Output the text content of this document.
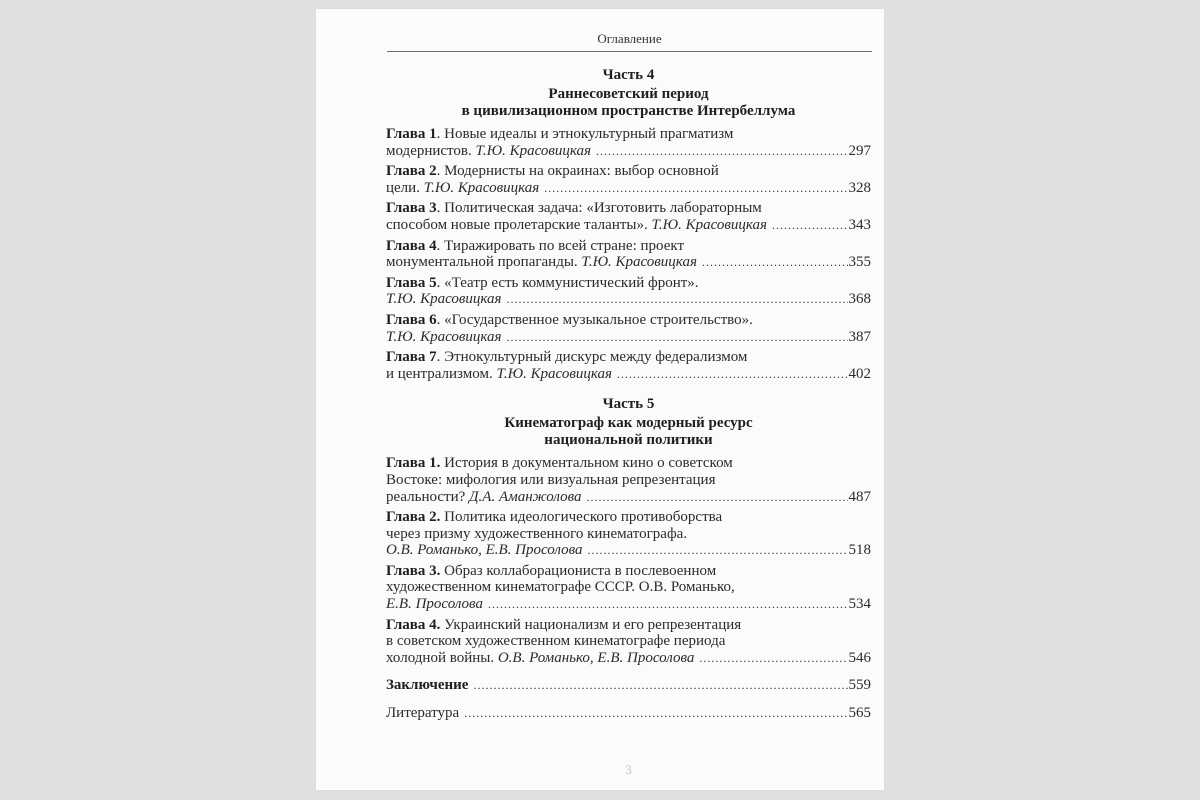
Оглавление
Часть 4
Раннесоветский период
в цивилизационном пространстве Интербеллума
Глава 1. Новые идеалы и этнокультурный прагматизм
модернистов. Т.Ю. Красовицкая .....	297
Глава 2. Модернисты на окраинах: выбор основной
цели. Т.Ю. Красовицкая .....	328
Глава 3. Политическая задача: «Изготовить лабораторным
способом новые пролетарские таланты». Т.Ю. Красовицкая .....	343
Глава 4. Тиражировать по всей стране: проект
монументальной пропаганды. Т.Ю. Красовицкая .....	355
Глава 5. «Театр есть коммунистический фронт».
Т.Ю. Красовицкая .....	368
Глава 6. «Государственное музыкальное строительство».
Т.Ю. Красовицкая .....	387
Глава 7. Этнокультурный дискурс между федерализмом
и централизмом. Т.Ю. Красовицкая .....	402
Часть 5
Кинематограф как модерный ресурс
национальной политики
Глава 1. История в документальном кино о советском
Востоке: мифология или визуальная репрезентация
реальности? Д.А. Аманжолова .....	487
Глава 2. Политика идеологического противоборства
через призму художественного кинематографа.
О.В. Романько, Е.В. Просолова .....	518
Глава 3. Образ коллаборациониста в послевоенном
художественном кинематографе СССР. О.В. Романько,
Е.В. Просолова .....	534
Глава 4. Украинский национализм и его репрезентация
в советском художественном кинематографе периода
холодной войны. О.В. Романько, Е.В. Просолова .....	546
Заключение .....	559
Литература .....	565
3
